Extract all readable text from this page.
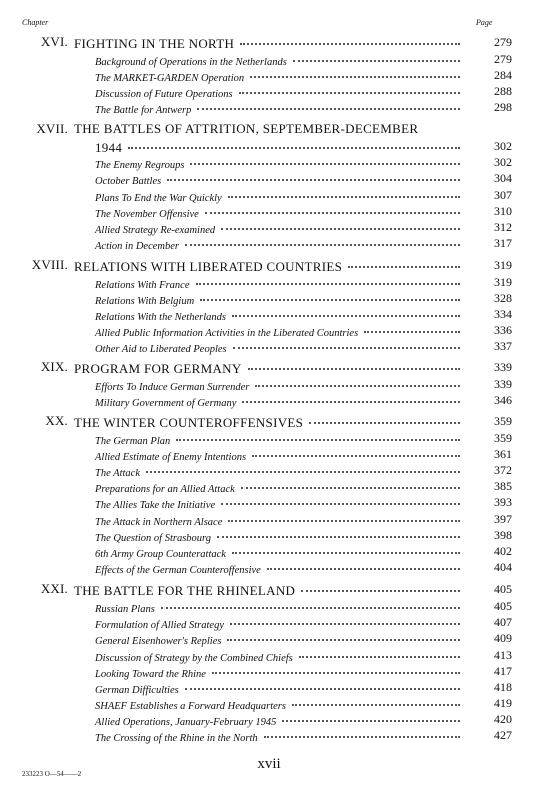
Chapter	Page
XVI. FIGHTING IN THE NORTH	279
Background of Operations in the Netherlands	279
The MARKET-GARDEN Operation	284
Discussion of Future Operations	288
The Battle for Antwerp	298
XVII. THE BATTLES OF ATTRITION, SEPTEMBER-DECEMBER
1944	302
The Enemy Regroups	302
October Battles	304
Plans To End the War Quickly	307
The November Offensive	310
Allied Strategy Re-examined	312
Action in December	317
XVIII. RELATIONS WITH LIBERATED COUNTRIES	319
Relations With France	319
Relations With Belgium	328
Relations With the Netherlands	334
Allied Public Information Activities in the Liberated Countries	336
Other Aid to Liberated Peoples	337
XIX. PROGRAM FOR GERMANY	339
Efforts To Induce German Surrender	339
Military Government of Germany	346
XX. THE WINTER COUNTEROFFENSIVES	359
The German Plan	359
Allied Estimate of Enemy Intentions	361
The Attack	372
Preparations for an Allied Attack	385
The Allies Take the Initiative	393
The Attack in Northern Alsace	397
The Question of Strasbourg	398
6th Army Group Counterattack	402
Effects of the German Counteroffensive	404
XXI. THE BATTLE FOR THE RHINELAND	405
Russian Plans	405
Formulation of Allied Strategy	407
General Eisenhower's Replies	409
Discussion of Strategy by the Combined Chiefs	413
Looking Toward the Rhine	417
German Difficulties	418
SHAEF Establishes a Forward Headquarters	419
Allied Operations, January-February 1945	420
The Crossing of the Rhine in the North	427
xvii
233223 O—54——2
